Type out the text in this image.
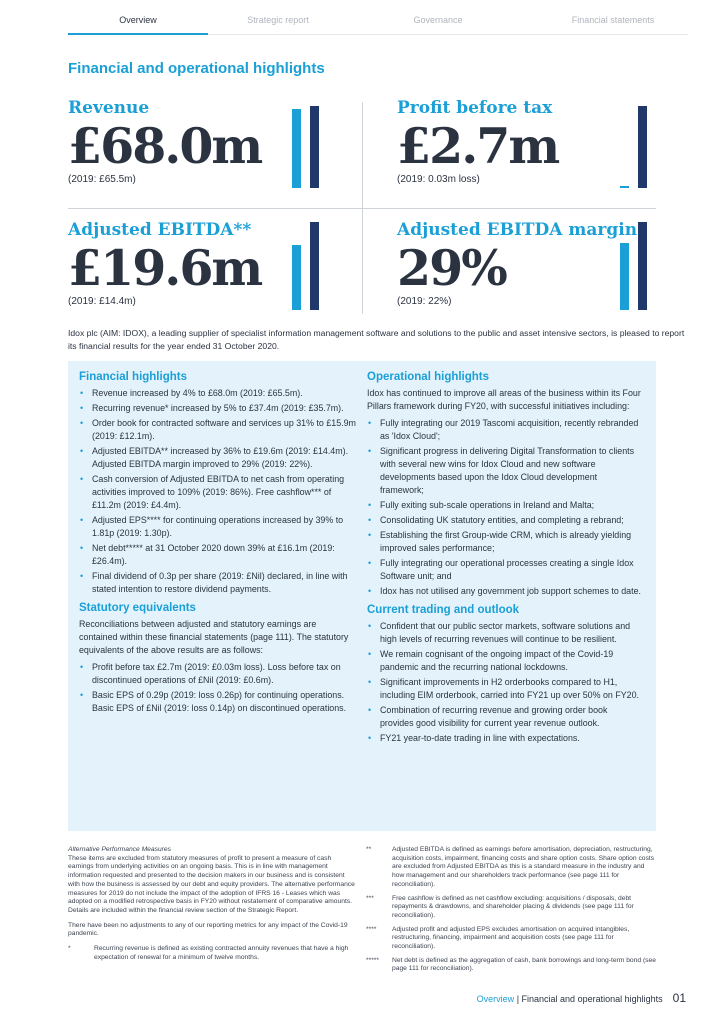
Overview	Strategic report	Governance	Financial statements
Financial and operational highlights
Revenue
£68.0m
(2019: £65.5m)
Profit before tax
£2.7m
(2019: 0.03m loss)
Adjusted EBITDA**
£19.6m
(2019: £14.4m)
Adjusted EBITDA margin
29%
(2019: 22%)

Idox plc (AIM: IDOX), a leading supplier of specialist information management software and solutions to the public and asset intensive sectors, is pleased to report its financial results for the year ended 31 October 2020.

Financial highlights
• Revenue increased by 4% to £68.0m (2019: £65.5m).
• Recurring revenue* increased by 5% to £37.4m (2019: £35.7m).
• Order book for contracted software and services up 31% to £15.9m (2019: £12.1m).
• Adjusted EBITDA** increased by 36% to £19.6m (2019: £14.4m). Adjusted EBITDA margin improved to 29% (2019: 22%).
• Cash conversion of Adjusted EBITDA to net cash from operating activities improved to 109% (2019: 86%). Free cashflow*** of £11.2m (2019: £4.4m).
• Adjusted EPS**** for continuing operations increased by 39% to 1.81p (2019: 1.30p).
• Net debt***** at 31 October 2020 down 39% at £16.1m (2019: £26.4m).
• Final dividend of 0.3p per share (2019: £Nil) declared, in line with stated intention to restore dividend payments.
Statutory equivalents

Reconciliations between adjusted and statutory earnings are contained within these financial statements (page 111). The statutory equivalents of the above results are as follows:

• Profit before tax £2.7m (2019: £0.03m loss). Loss before tax on discontinued operations of £Nil (2019: £0.6m).
• Basic EPS of 0.29p (2019: loss 0.26p) for continuing operations. Basic EPS of £Nil (2019: loss 0.14p) on discontinued operations.
Operational highlights

Idox has continued to improve all areas of the business within its Four Pillars framework during FY20, with successful initiatives including:

• Fully integrating our 2019 Tascomi acquisition, recently rebranded as 'Idox Cloud';
• Significant progress in delivering Digital Transformation to clients with several new wins for Idox Cloud and new software developments based upon the Idox Cloud development framework;
• Fully exiting sub-scale operations in Ireland and Malta;
• Consolidating UK statutory entities, and completing a rebrand;
• Establishing the first Group-wide CRM, which is already yielding improved sales performance;
• Fully integrating our operational processes creating a single Idox Software unit; and
• Idox has not utilised any government job support schemes to date.
Current trading and outlook
• Confident that our public sector markets, software solutions and high levels of recurring revenues will continue to be resilient.
• We remain cognisant of the ongoing impact of the Covid-19 pandemic and the recurring national lockdowns.
• Significant improvements in H2 orderbooks compared to H1, including EIM orderbook, carried into FY21 up over 50% on FY20.
• Combination of recurring revenue and growing order book provides good visibility for current year revenue outlook.
• FY21 year-to-date trading in line with expectations.
Alternative Performance Measures

These items are excluded from statutory measures of profit to present a measure of cash earnings from underlying activities on an ongoing basis. This is in line with management information requested and presented to the decision makers in our business and is consistent with how the business is assessed by our debt and equity providers. The alternative performance measures for 2019 do not include the impact of the adoption of IFRS 16 - Leases which was adopted on a modified retrospective basis in FY20 without restatement of comparative amounts. Details are included within the financial review section of the Strategic Report.

There have been no adjustments to any of our reporting metrics for any impact of the Covid-19 pandemic.

*	Recurring revenue is defined as existing contracted annuity revenues that have a high expectation of renewal for a minimum of twelve months.
**	Adjusted EBITDA is defined as earnings before amortisation, depreciation, restructuring, acquisition costs, impairment, financing costs and share option costs. Share option costs are excluded from Adjusted EBITDA as this is a standard measure in the industry and how management and our shareholders track performance (see page 111 for reconciliation).
***	Free cashflow is defined as net cashflow excluding: acquisitions / disposals, debt repayments & drawdowns, and shareholder placing & dividends (see page 111 for reconciliation).
**** Adjusted profit and adjusted EPS excludes amortisation on acquired intangibles, restructuring, financing, impairment and acquisition costs (see page 111 for reconciliation).
***** Net debt is defined as the aggregation of cash, bank borrowings and long-term bond (see page 111 for reconciliation).
Overview | Financial and operational highlights 01
